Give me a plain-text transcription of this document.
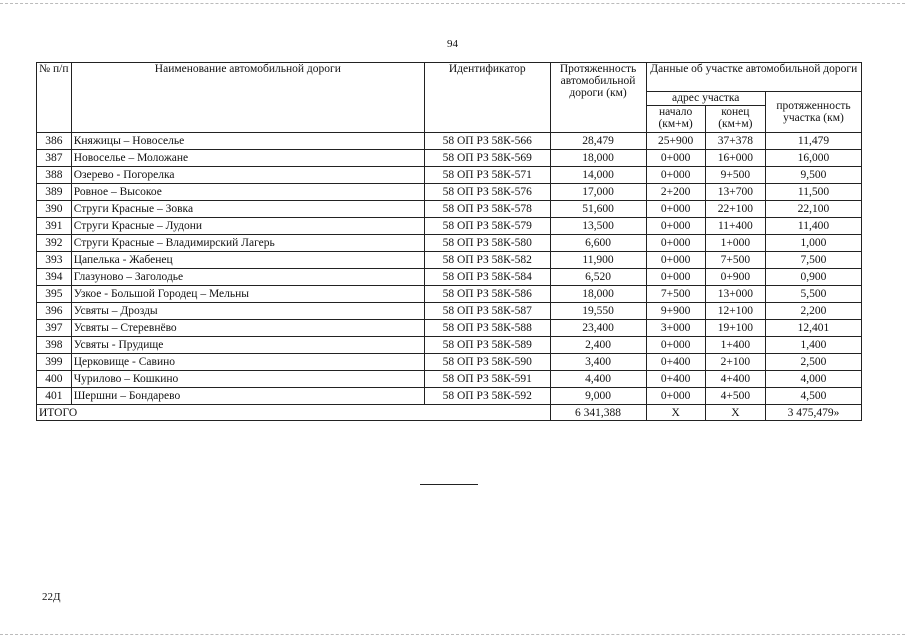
94
№ п/п	Наименование автомобильной дороги	Идентификатор	Протяженность автомобильной дороги (км)	Данные об участке автомобильной дороги		
				адрес участка		протяженность участка (км)
				начало (км+м)	конец (км+м)	
386	Княжицы – Новоселье	58 ОП РЗ 58К-566	28,479	25+900	37+378	11,479
387	Новоселье – Моложане	58 ОП РЗ 58К-569	18,000	0+000	16+000	16,000
388	Озерево - Погорелка	58 ОП РЗ 58К-571	14,000	0+000	9+500	9,500
389	Ровное – Высокое	58 ОП РЗ 58К-576	17,000	2+200	13+700	11,500
390	Струги Красные – Зовка	58 ОП РЗ 58К-578	51,600	0+000	22+100	22,100
391	Струги Красные – Лудони	58 ОП РЗ 58К-579	13,500	0+000	11+400	11,400
392	Струги Красные – Владимирский Лагерь	58 ОП РЗ 58К-580	6,600	0+000	1+000	1,000
393	Цапелька - Жабенец	58 ОП РЗ 58К-582	11,900	0+000	7+500	7,500
394	Глазуново – Заголодье	58 ОП РЗ 58К-584	6,520	0+000	0+900	0,900
395	Узкое - Большой Городец – Мельны	58 ОП РЗ 58К-586	18,000	7+500	13+000	5,500
396	Усвяты – Дрозды	58 ОП РЗ 58К-587	19,550	9+900	12+100	2,200
397	Усвяты – Стеревнёво	58 ОП РЗ 58К-588	23,400	3+000	19+100	12,401
398	Усвяты - Прудище	58 ОП РЗ 58К-589	2,400	0+000	1+400	1,400
399	Церковище - Савино	58 ОП РЗ 58К-590	3,400	0+400	2+100	2,500
400	Чурилово – Кошкино	58 ОП РЗ 58К-591	4,400	0+400	4+400	4,000
401	Шершни – Бондарево	58 ОП РЗ 58К-592	9,000	0+000	4+500	4,500
ИТОГО			6 341,388	Х	Х	3 475,479»
22Д
